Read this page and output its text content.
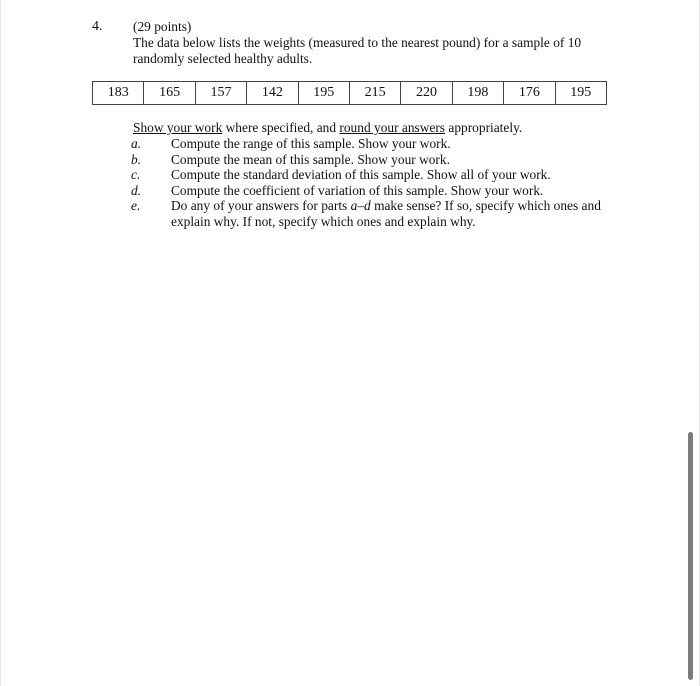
4. (29 points)
The data below lists the weights (measured to the nearest pound) for a sample of 10
randomly selected healthy adults.
183	165	157	142	195	215	220	198	176	195
Show your work where specified, and round your answers appropriately.
a.	Compute the range of this sample. Show your work.
b.	Compute the mean of this sample. Show your work.
c.	Compute the standard deviation of this sample. Show all of your work.
d.	Compute the coefficient of variation of this sample. Show your work.
e.	Do any of your answers for parts a–d make sense? If so, specify which ones and explain why. If not, specify which ones and explain why.
